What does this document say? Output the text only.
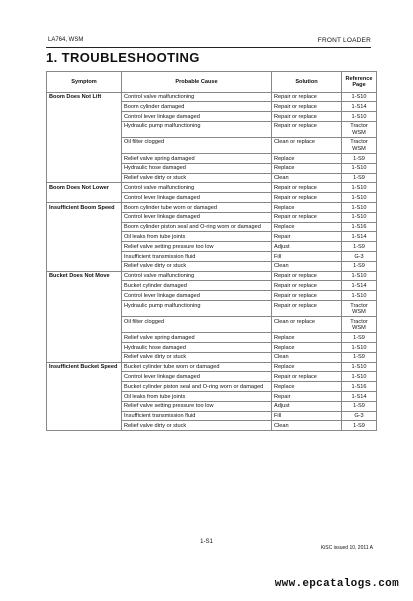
LA764, WSM	FRONT LOADER
1. TROUBLESHOOTING
Symptom	Probable Cause	Solution	Reference Page
Boom Does Not Lift	Control valve malfunctioning	Repair or replace	1-S10
	Boom cylinder damaged	Repair or replace	1-S14
	Control lever linkage damaged	Repair or replace	1-S10
	Hydraulic pump malfunctioning	Repair or replace	Tractor WSM
	Oil filter clogged	Clean or replace	Tractor WSM
	Relief valve spring damaged	Replace	1-S9
	Hydraulic hose damaged	Replace	1-S10
	Relief valve dirty or stuck	Clean	1-S9
Boom Does Not Lower	Control valve malfunctioning	Repair or replace	1-S10
	Control lever linkage damaged	Repair or replace	1-S10
Insufficient Boom Speed	Boom cylinder tube worn or damaged	Replace	1-S10
	Control lever linkage damaged	Repair or replace	1-S10
	Boom cylinder piston seal and O-ring worn or damaged	Replace	1-S16
	Oil leaks from tube joints	Repair	1-S14
	Relief valve setting pressure too low	Adjust	1-S9
	Insufficient transmission fluid	Fill	G-3
	Relief valve dirty or stuck	Clean	1-S9
Bucket Does Not Move	Control valve malfunctioning	Repair or replace	1-S10
	Bucket cylinder damaged	Repair or replace	1-S14
	Control lever linkage damaged	Repair or replace	1-S10
	Hydraulic pump malfunctioning	Repair or replace	Tractor WSM
	Oil filter clogged	Clean or replace	Tractor WSM
	Relief valve spring damaged	Replace	1-S9
	Hydraulic hose damaged	Replace	1-S10
	Relief valve dirty or stuck	Clean	1-S9
Insufficient Bucket Speed	Bucket cylinder tube worn or damaged	Replace	1-S10
	Control lever linkage damaged	Repair or replace	1-S10
	Bucket cylinder piston seal and O-ring worn or damaged	Replace	1-S16
	Oil leaks from tube joints	Repair	1-S14
	Relief valve setting pressure too low	Adjust	1-S9
	Insufficient transmission fluid	Fill	G-3
	Relief valve dirty or stuck	Clean	1-S9
1-S1
KiSC issued 10, 2011 A
www.epcatalogs.com
